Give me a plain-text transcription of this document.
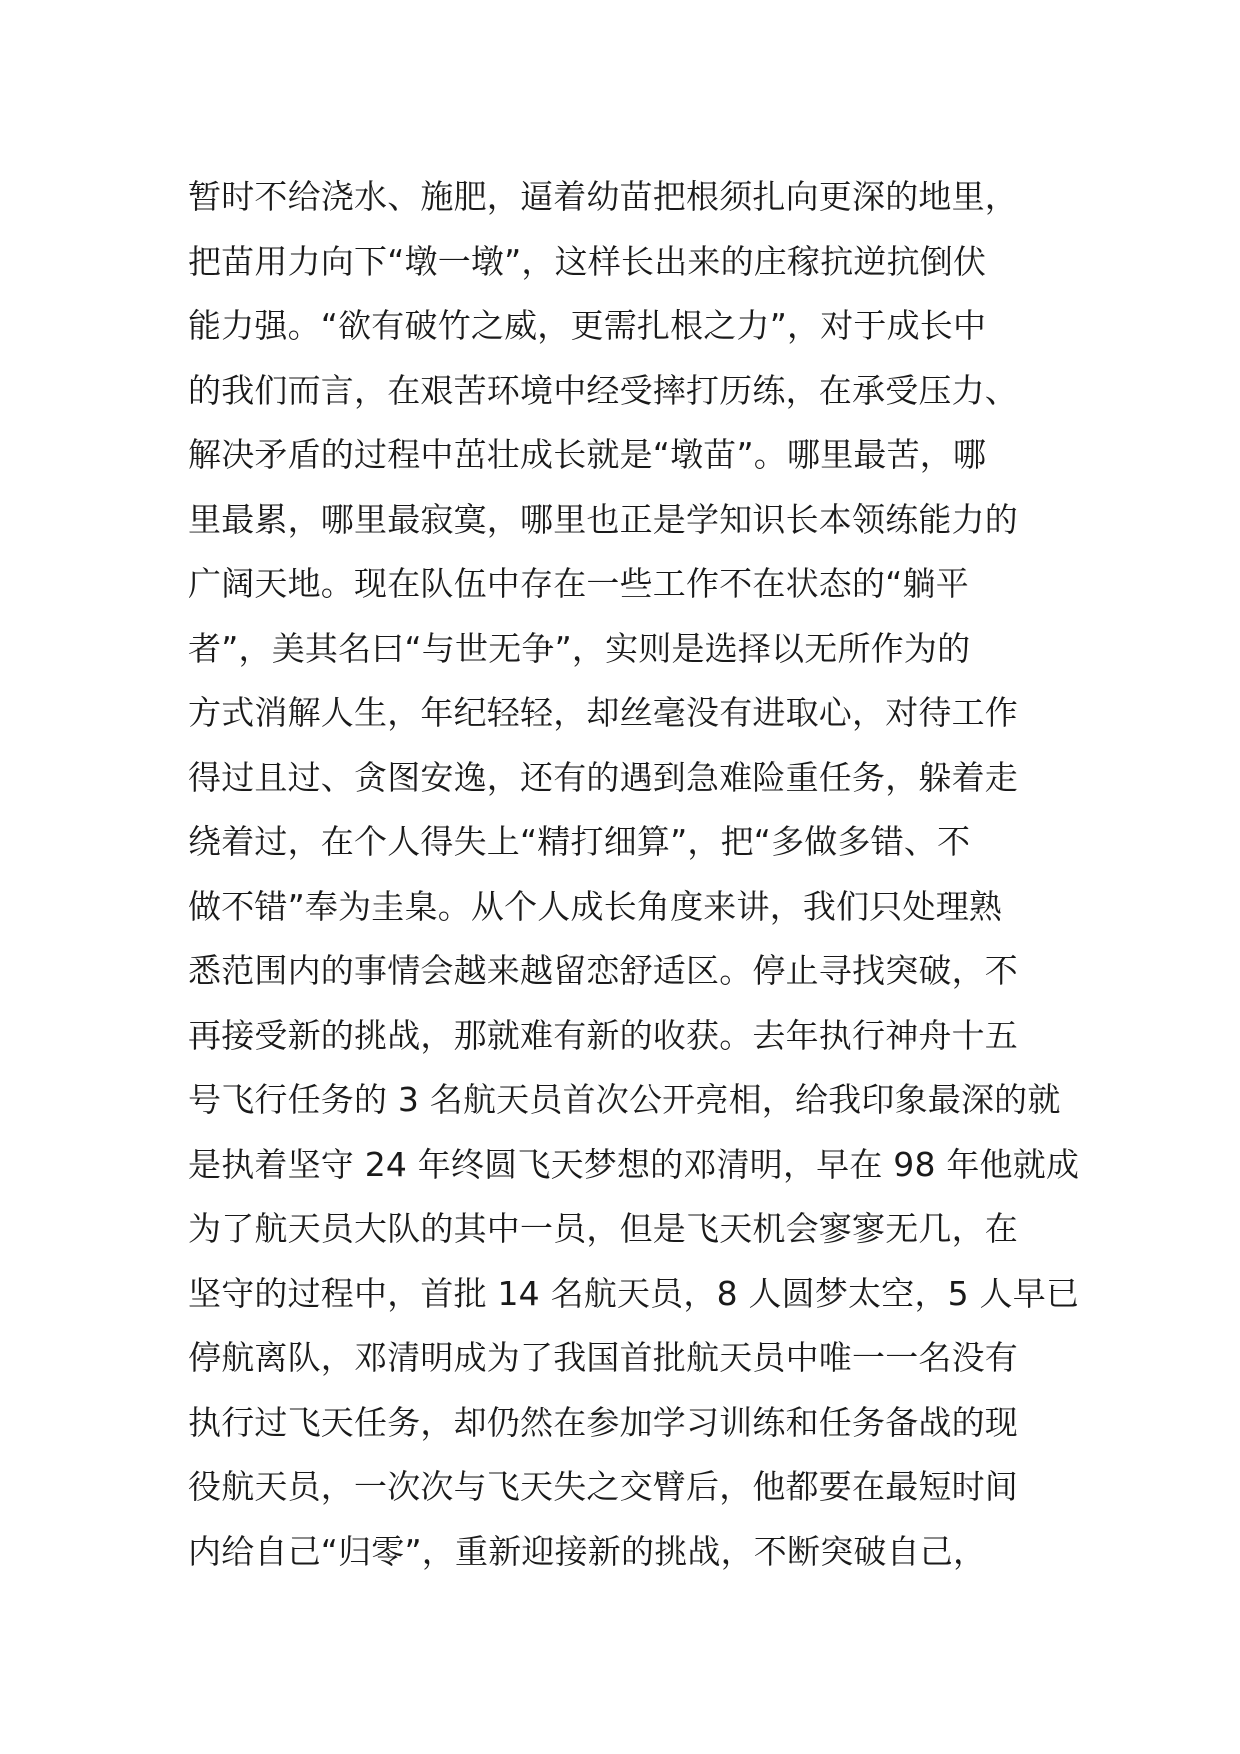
暂时不给浇水、施肥，逼着幼苗把根须扎向更深的地里，
把苗用力向下“墩一墩”，这样长出来的庄稼抗逆抗倒伏
能力强。“欲有破竹之威，更需扎根之力”，对于成长中
的我们而言，在艰苦环境中经受摔打历练，在承受压力、
解决矛盾的过程中茁壮成长就是“墩苗”。哪里最苦，哪
里最累，哪里最寂寞，哪里也正是学知识长本领练能力的
广阔天地。现在队伍中存在一些工作不在状态的“躺平
者”，美其名曰“与世无争”，实则是选择以无所作为的
方式消解人生，年纪轻轻，却丝毫没有进取心，对待工作
得过且过、贪图安逸，还有的遇到急难险重任务，躲着走
绕着过，在个人得失上“精打细算”，把“多做多错、不
做不错”奉为圭臬。从个人成长角度来讲，我们只处理熟
悉范围内的事情会越来越留恋舒适区。停止寻找突破，不
再接受新的挑战，那就难有新的收获。去年执行神舟十五
号飞行任务的 3 名航天员首次公开亮相，给我印象最深的就
是执着坚守 24 年终圆飞天梦想的邓清明，早在 98 年他就成
为了航天员大队的其中一员，但是飞天机会寥寥无几，在
坚守的过程中，首批 14 名航天员，8 人圆梦太空，5 人早已
停航离队，邓清明成为了我国首批航天员中唯一一名没有
执行过飞天任务，却仍然在参加学习训练和任务备战的现
役航天员，一次次与飞天失之交臂后，他都要在最短时间
内给自己“归零”，重新迎接新的挑战，不断突破自己，
